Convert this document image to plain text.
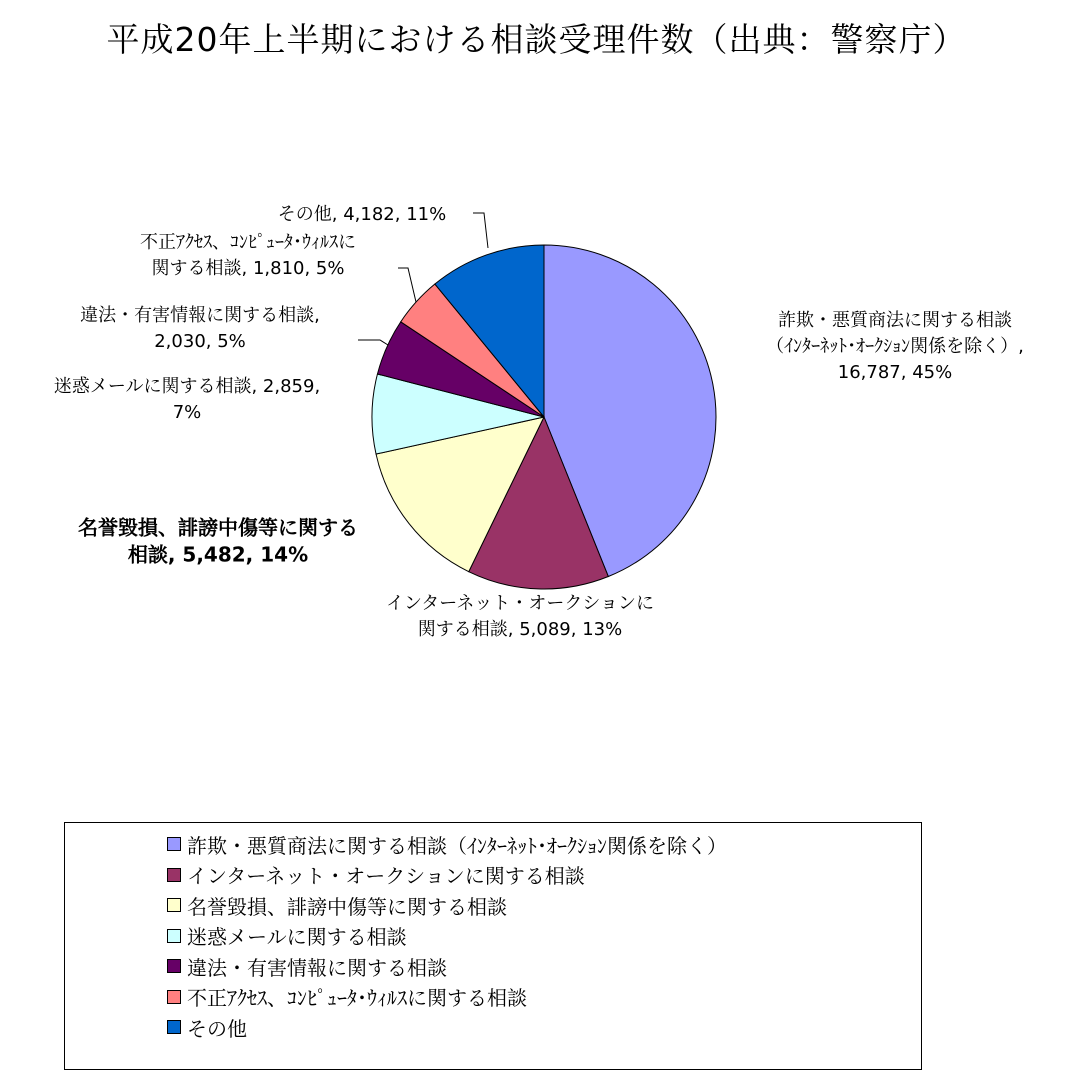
平成20年上半期における相談受理件数（出典：警察庁）
詐欺・悪質商法に関する相談（ｲﾝﾀｰﾈｯﾄ･ｵｰｸｼｮﾝ関係を除く）, 16,787, 45%
インターネット・オークションに関する相談, 5,089, 13%
名誉毀損、誹謗中傷等に関する相談, 5,482, 14%
迷惑メールに関する相談, 2,859, 7%
違法・有害情報に関する相談, 2,030, 5%
不正ｱｸｾｽ、ｺﾝﾋﾟｭｰﾀ･ｳｨﾙｽに関する相談, 1,810, 5%
その他, 4,182, 11%
詐欺・悪質商法に関する相談（ｲﾝﾀｰﾈｯﾄ･ｵｰｸｼｮﾝ関係を除く）
インターネット・オークションに関する相談
名誉毀損、誹謗中傷等に関する相談
迷惑メールに関する相談
違法・有害情報に関する相談
不正ｱｸｾｽ、ｺﾝﾋﾟｭｰﾀ･ｳｨﾙｽに関する相談
その他
